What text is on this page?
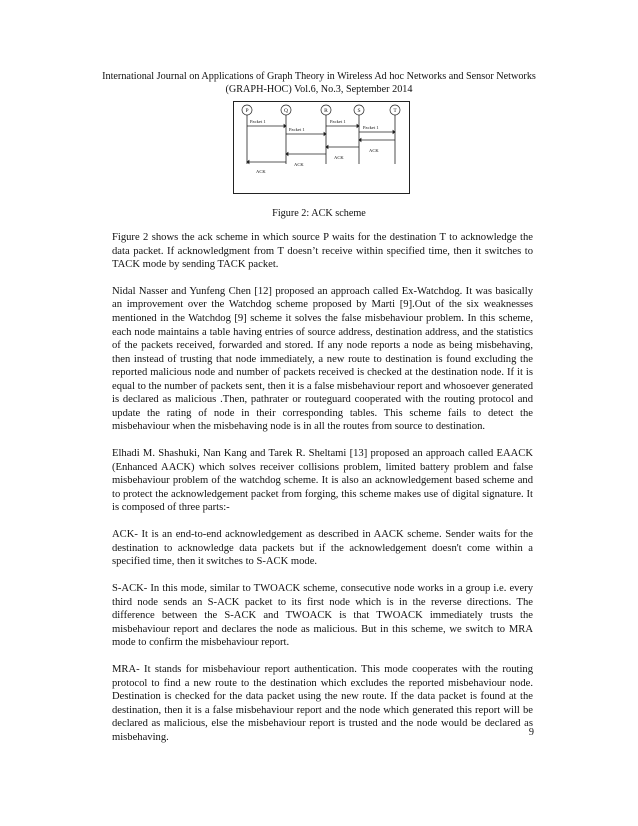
International Journal on Applications of Graph Theory in Wireless Ad hoc Networks and Sensor Networks
(GRAPH-HOC) Vol.6, No.3, September 2014
P	Q	R	S	T
Packet 1
Packet 1
Packet 1
Packet 1
ACK
ACK
ACK
ACK
Figure 2: ACK scheme

Figure 2 shows the ack scheme in which source P waits for the destination T to acknowledge the data packet. If acknowledgment from T doesn’t receive within specified time, then it switches to TACK mode by sending TACK packet.

Nidal Nasser and Yunfeng Chen [12] proposed an approach called Ex-Watchdog. It was basically an improvement over the Watchdog scheme proposed by Marti [9].Out of the six weaknesses mentioned in the Watchdog [9] scheme it solves the false misbehaviour problem. In this scheme, each node maintains a table having entries of source address, destination address, and the statistics of the packets received, forwarded and stored. If any node reports a node as being misbehaving, then instead of trusting that node immediately, a new route to destination is found excluding the reported malicious node and number of packets received is checked at the destination node. If it is equal to the number of packets sent, then it is a false misbehaviour report and whosoever generated is declared as malicious .Then, pathrater or routeguard cooperated with the routing protocol and update the rating of node in their corresponding tables. This scheme fails to detect the misbehaviour when the misbehaving node is in all the routes from source to destination.

Elhadi M. Shashuki, Nan Kang and Tarek R. Sheltami [13] proposed an approach called EAACK (Enhanced AACK) which solves receiver collisions problem, limited battery problem and false misbehaviour problem of the watchdog scheme. It is also an acknowledgement based scheme and to protect the acknowledgement packet from forging, this scheme makes use of digital signature. It is composed of three parts:-

ACK- It is an end-to-end acknowledgement as described in AACK scheme. Sender waits for the destination to acknowledge data packets but if the acknowledgement doesn't come within a specified time, then it switches to S-ACK mode.

S-ACK- In this mode, similar to TWOACK scheme, consecutive node works in a group i.e. every third node sends an S-ACK packet to its first node which is in the reverse directions. The difference between the S-ACK and TWOACK is that TWOACK immediately trusts the misbehaviour report and declares the node as malicious. But in this scheme, we switch to MRA mode to confirm the misbehaviour report.

MRA- It stands for misbehaviour report authentication. This mode cooperates with the routing protocol to find a new route to the destination which excludes the reported misbehaviour node. Destination is checked for the data packet using the new route. If the data packet is found at the destination, then it is a false misbehaviour report and the node which generated this report will be declared as malicious, else the misbehaviour report is trusted and the node would be declared as misbehaving.	9
